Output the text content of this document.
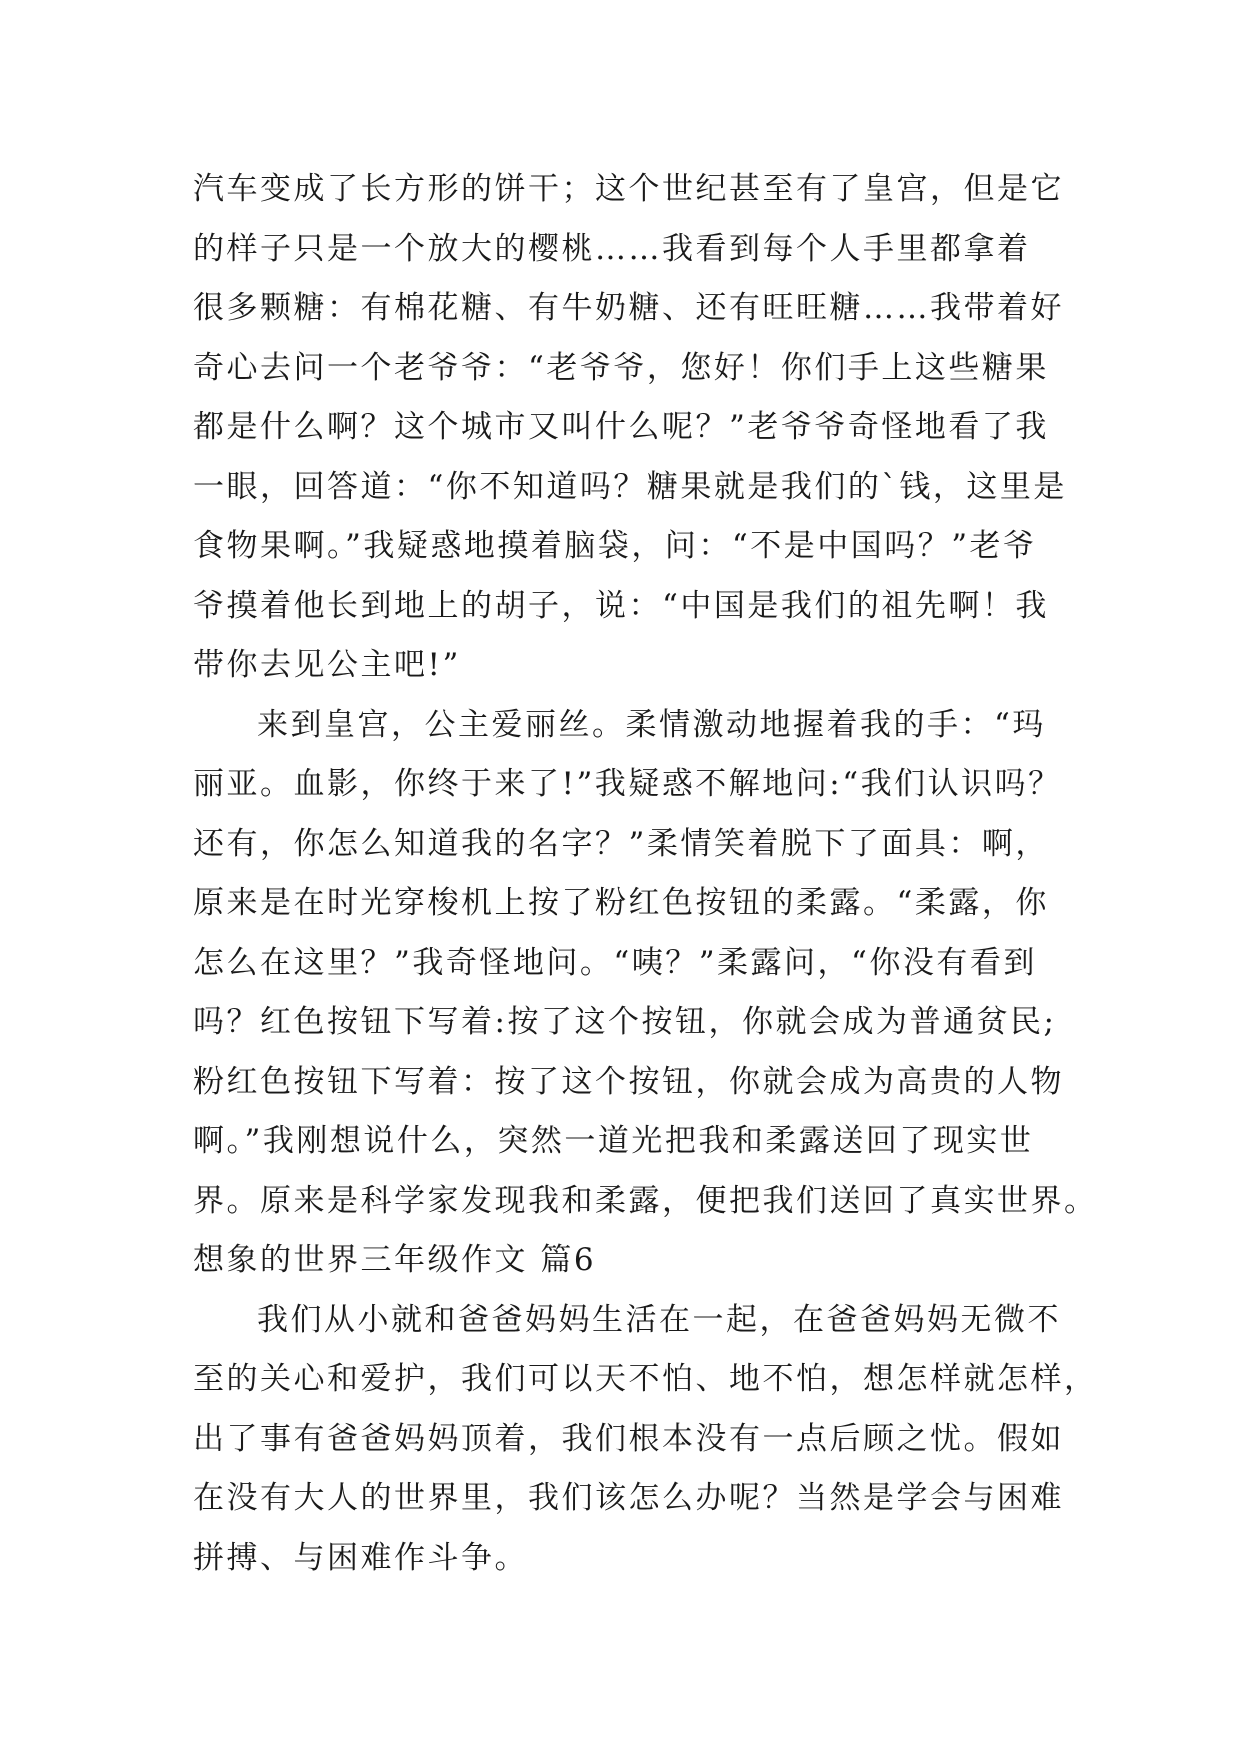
汽车变成了长方形的饼干；这个世纪甚至有了皇宫，但是它
的样子只是一个放大的樱桃……我看到每个人手里都拿着
很多颗糖：有棉花糖、有牛奶糖、还有旺旺糖……我带着好
奇心去问一个老爷爷：“老爷爷，您好！你们手上这些糖果
都是什么啊？这个城市又叫什么呢？”老爷爷奇怪地看了我
一眼，回答道：“你不知道吗？糖果就是我们的`钱，这里是
食物果啊。”我疑惑地摸着脑袋，问：“不是中国吗？”老爷
爷摸着他长到地上的胡子，说：“中国是我们的祖先啊！我
带你去见公主吧!”
来到皇宫，公主爱丽丝。柔情激动地握着我的手：“玛
丽亚。血影，你终于来了!”我疑惑不解地问:“我们认识吗？
还有，你怎么知道我的名字？”柔情笑着脱下了面具：啊，
原来是在时光穿梭机上按了粉红色按钮的柔露。“柔露，你
怎么在这里？”我奇怪地问。“咦？”柔露问，“你没有看到
吗？红色按钮下写着:按了这个按钮，你就会成为普通贫民;
粉红色按钮下写着：按了这个按钮，你就会成为高贵的人物
啊。”我刚想说什么，突然一道光把我和柔露送回了现实世
界。原来是科学家发现我和柔露，便把我们送回了真实世界。
想象的世界三年级作文 篇6
我们从小就和爸爸妈妈生活在一起，在爸爸妈妈无微不
至的关心和爱护，我们可以天不怕、地不怕，想怎样就怎样，
出了事有爸爸妈妈顶着，我们根本没有一点后顾之忧。假如
在没有大人的世界里，我们该怎么办呢？当然是学会与困难
拼搏、与困难作斗争。
